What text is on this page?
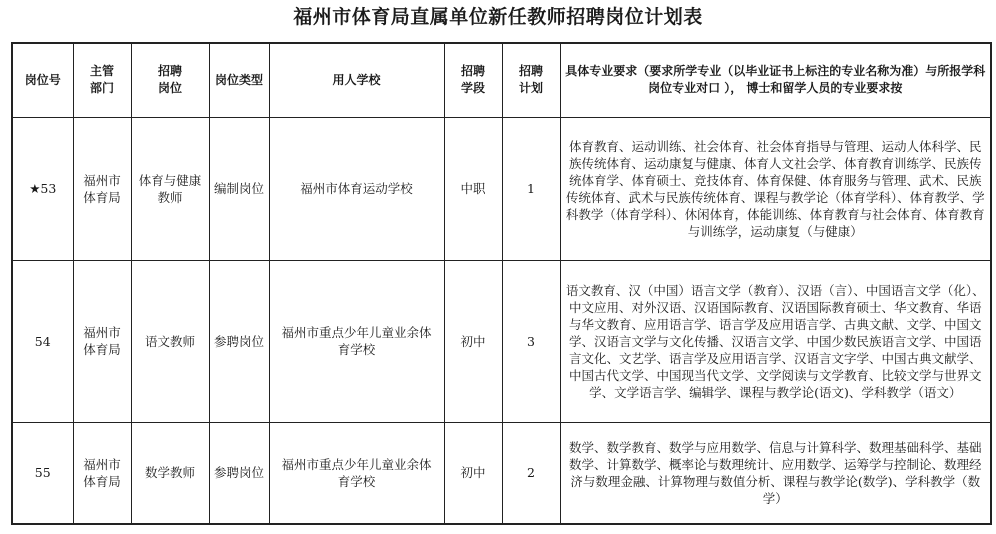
福州市体育局直属单位新任教师招聘岗位计划表
岗位号	主管部门	招聘岗位	岗位类型	用人学校	招聘学段	招聘计划	具体专业要求（要求所学专业（以毕业证书上标注的专业名称为准）与所报学科岗位专业对口 ）， 博士和留学人员的专业要求按
★53	福州市体育局	体育与健康教师	编制岗位	福州市体育运动学校	中职	1	体育教育、运动训练、社会体育、社会体育指导与管理、运动人体科学、民族传统体育、运动康复与健康、体育人文社会学、体育教育训练学、民族传统体育学、体育硕士、竞技体育、体育保健、体育服务与管理、武术、民族传统体育、武术与民族传统体育、课程与教学论（体育学科）、体育教学、学科教学（体育学科）、休闲体育，体能训练、体育教育与社会体育、体育教育与训练学，运动康复（与健康）
54	福州市体育局	语文教师	参聘岗位	福州市重点少年儿童业余体育学校	初中	3	语文教育、汉（中国）语言文学（教育）、汉语（言）、中国语言文学（化）、中文应用、对外汉语、汉语国际教育、汉语国际教育硕士、华文教育、华语与华文教育、应用语言学、语言学及应用语言学、古典文献、文学、中国文学、汉语言文学与文化传播、汉语言文学、中国少数民族语言文学、中国语言文化、文艺学、语言学及应用语言学、汉语言文字学、中国古典文献学、中国古代文学、中国现当代文学、文学阅读与文学教育、比较文学与世界文学、文学语言学、编辑学、课程与教学论(语文)、学科教学（语文）
55	福州市体育局	数学教师	参聘岗位	福州市重点少年儿童业余体育学校	初中	2	数学、数学教育、数学与应用数学、信息与计算科学、数理基础科学、基础数学、计算数学、概率论与数理统计、应用数学、运筹学与控制论、数理经济与数理金融、计算物理与数值分析、课程与教学论(数学)、学科教学（数学）
